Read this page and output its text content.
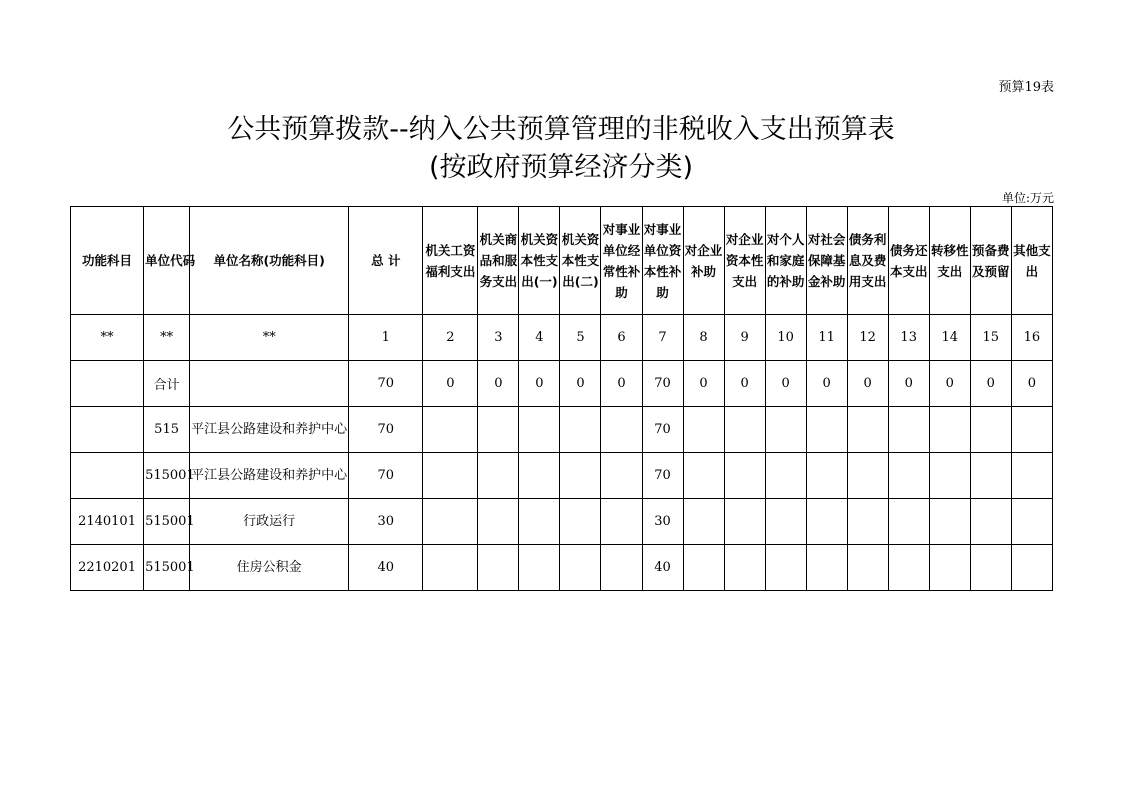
预算19表
公共预算拨款--纳入公共预算管理的非税收入支出预算表
(按政府预算经济分类)
单位:万元
功能科目	单位代码	单位名称(功能科目)	总 计	机关工资福利支出	机关商品和服务支出	机关资本性支出(一)	机关资本性支出(二)	对事业单位经常性补助	对事业单位资本性补助	对企业补助	对企业资本性支出	对个人和家庭的补助	对社会保障基金补助	债务利息及费用支出	债务还本支出	转移性支出	预备费及预留	其他支出
**	**	**	1	2	3	4	5	6	7	8	9	10	11	12	13	14	15	16
	合计		70	0	0	0	0	0	70	0	0	0	0	0	0	0	0	0
	515	平江县公路建设和养护中心	70						70									
	515001	平江县公路建设和养护中心	70						70									
2140101	515001	行政运行	30						30									
2210201	515001	住房公积金	40						40									
